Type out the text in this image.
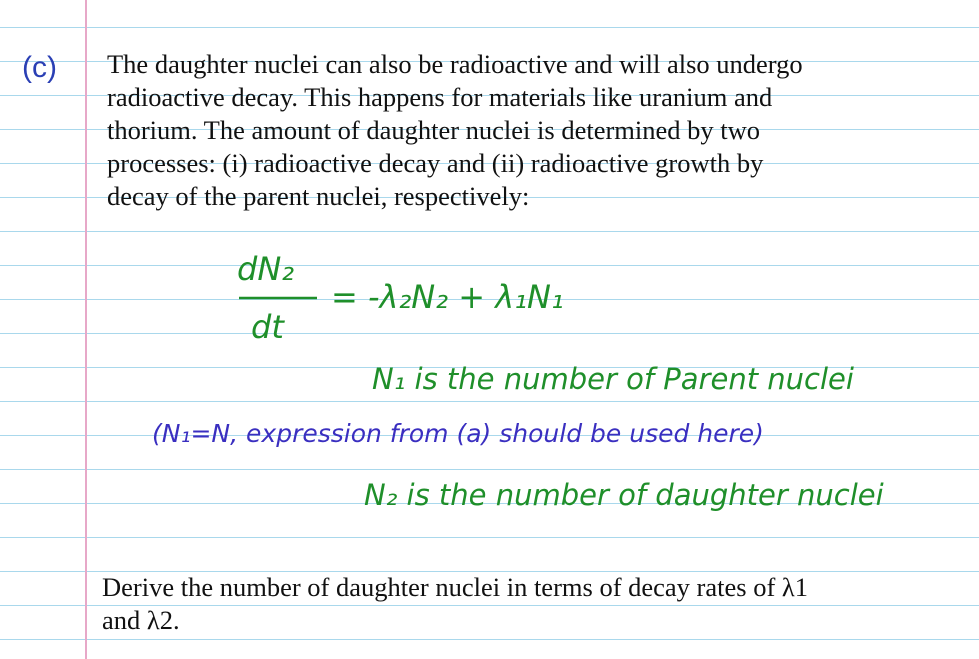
(c) The daughter nuclei can also be radioactive and will also undergo
radioactive decay. This happens for materials like uranium and
thorium. The amount of daughter nuclei is determined by two
processes: (i) radioactive decay and (ii) radioactive growth by
decay of the parent nuclei, respectively:

dN₂
dt
= -λ₂N₂ + λ₁N₁
N₁ is the number of Parent nuclei
(N₁=N, expression from (a) should be used here)
N₂ is the number of daughter nuclei

Derive the number of daughter nuclei in terms of decay rates of λ1
and λ2.
